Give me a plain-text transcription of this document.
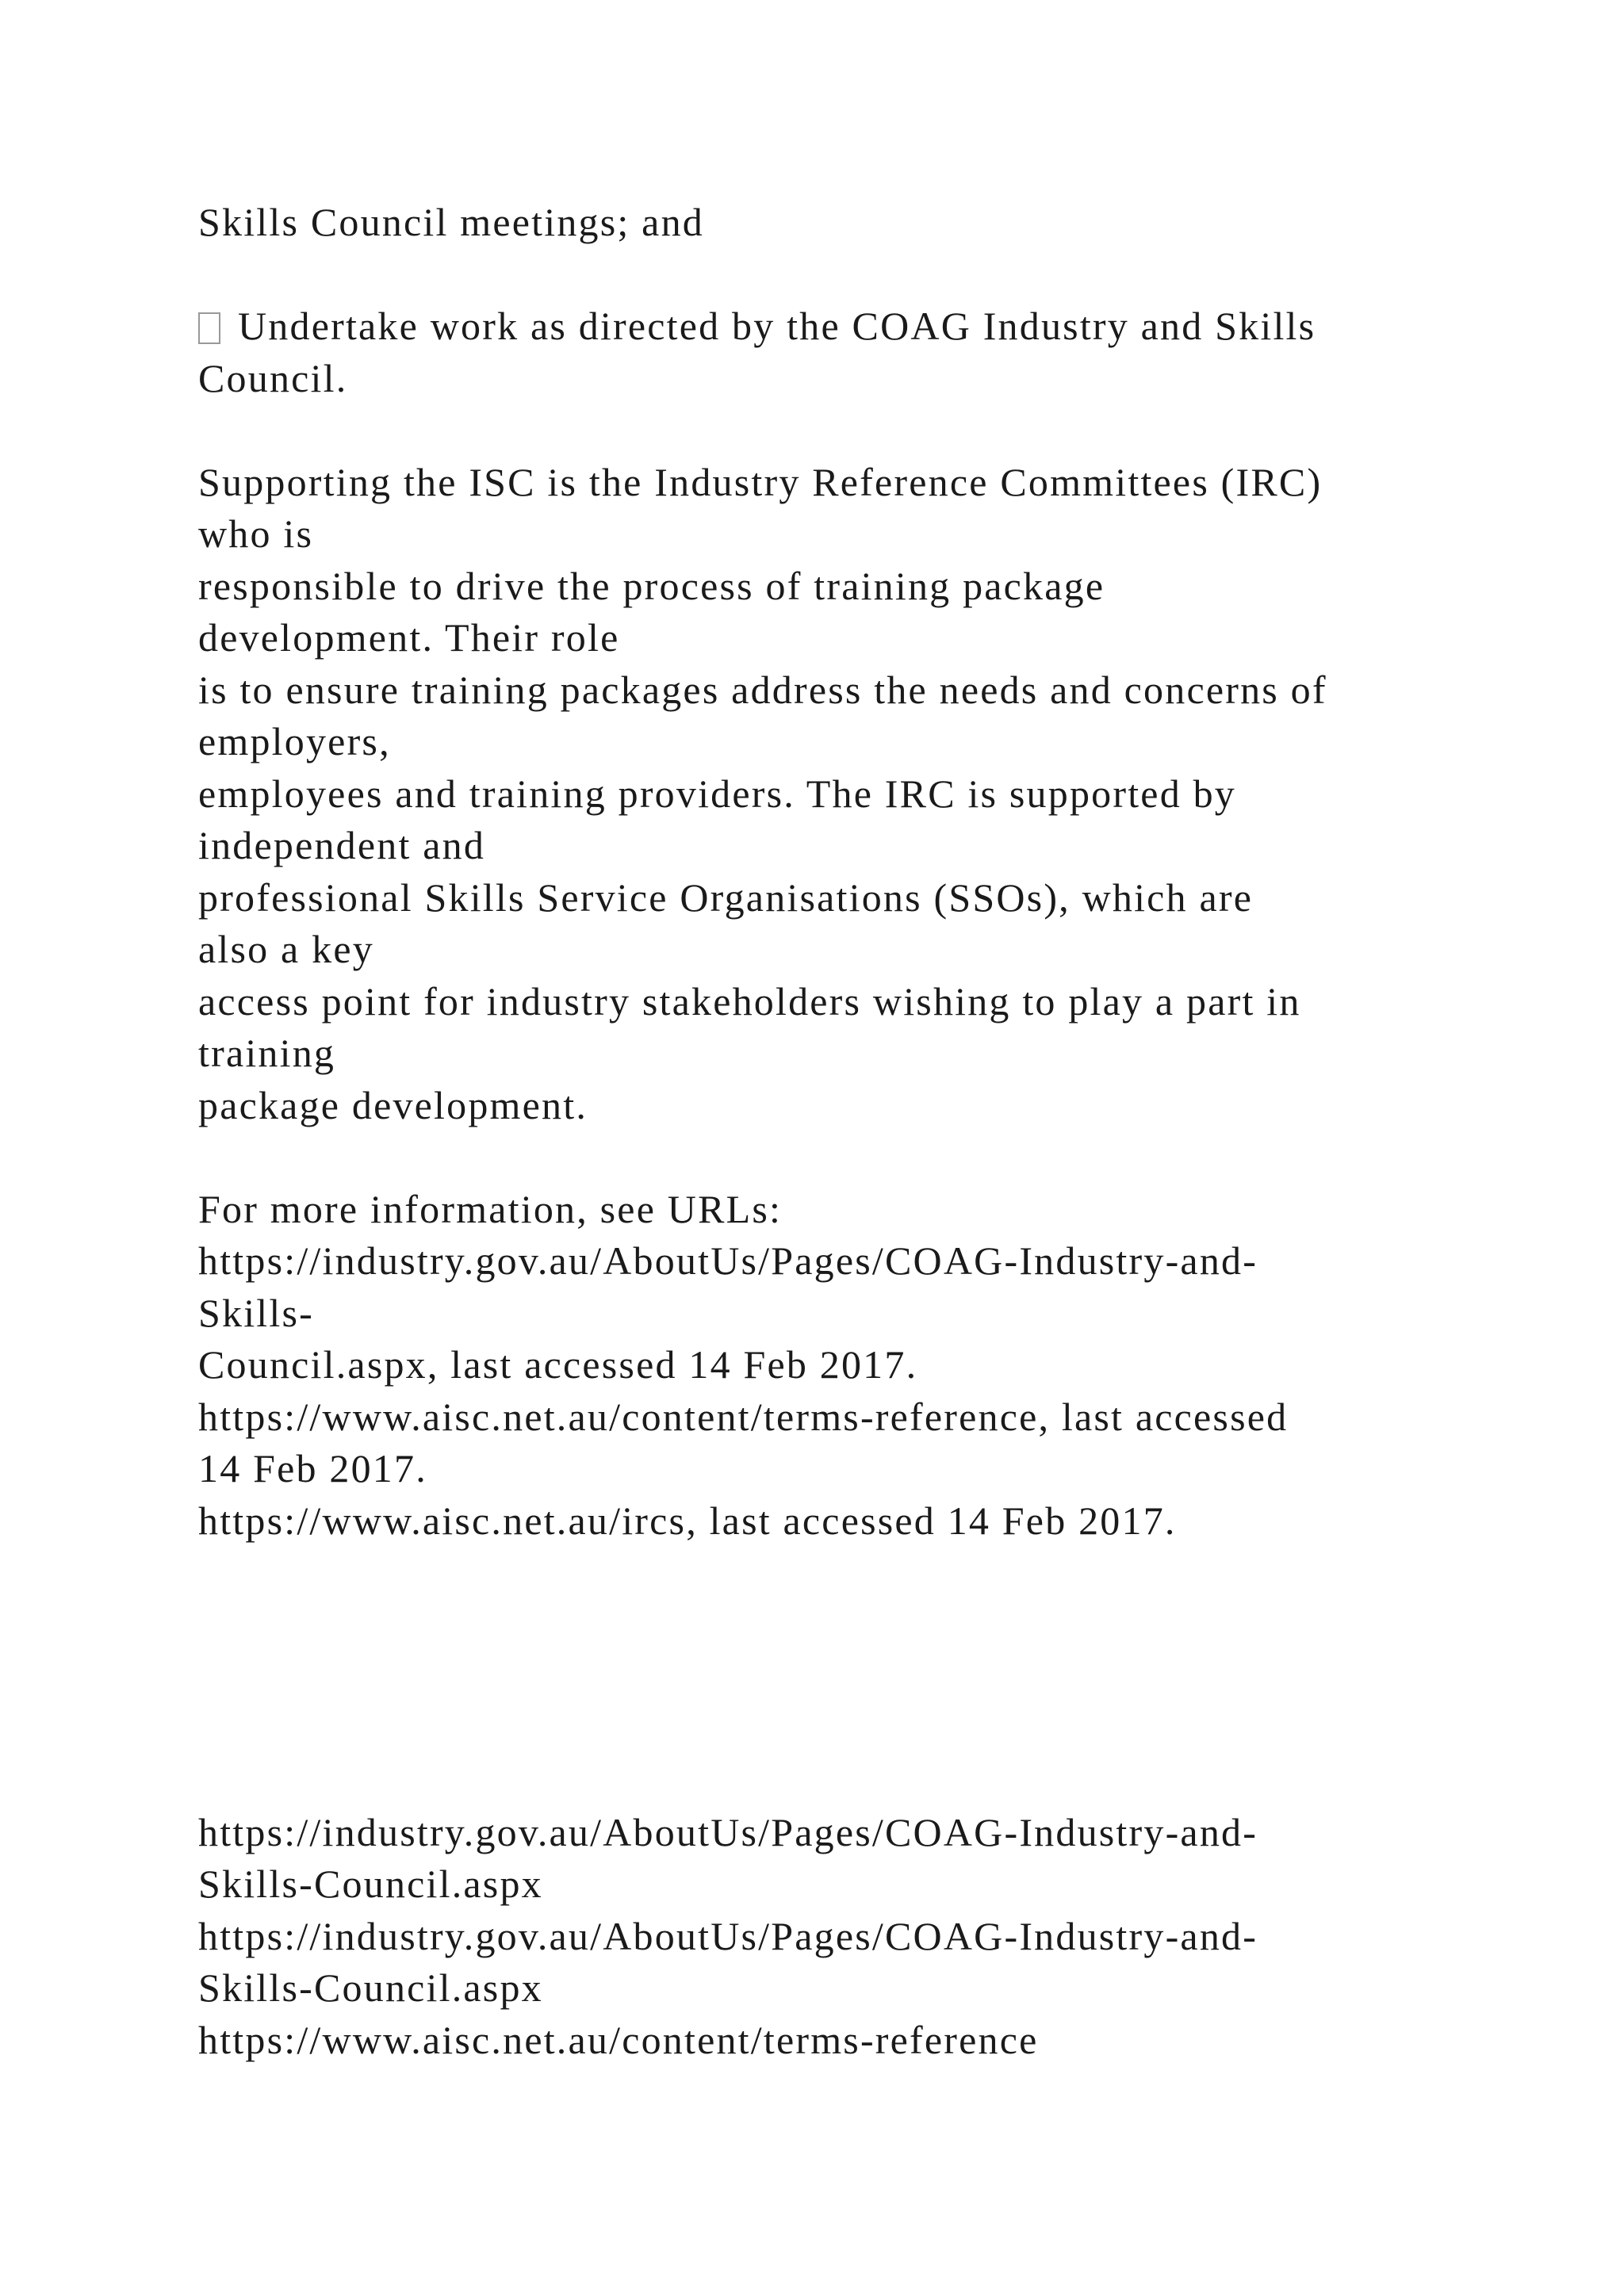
Skills Council meetings; and
Undertake work as directed by the COAG Industry and Skills
Council.
Supporting the ISC is the Industry Reference Committees (IRC)
who is
responsible to drive the process of training package
development. Their role
is to ensure training packages address the needs and concerns of
employers,
employees and training providers. The IRC is supported by
independent and
professional Skills Service Organisations (SSOs), which are
also a key
access point for industry stakeholders wishing to play a part in
training
package development.
For more information, see URLs:
https://industry.gov.au/AboutUs/Pages/COAG-Industry-and-
Skills-
Council.aspx, last accessed 14 Feb 2017.
https://www.aisc.net.au/content/terms-reference, last accessed
14 Feb 2017.
https://www.aisc.net.au/ircs, last accessed 14 Feb 2017.
https://industry.gov.au/AboutUs/Pages/COAG-Industry-and-
Skills-Council.aspx
https://industry.gov.au/AboutUs/Pages/COAG-Industry-and-
Skills-Council.aspx
https://www.aisc.net.au/content/terms-reference
